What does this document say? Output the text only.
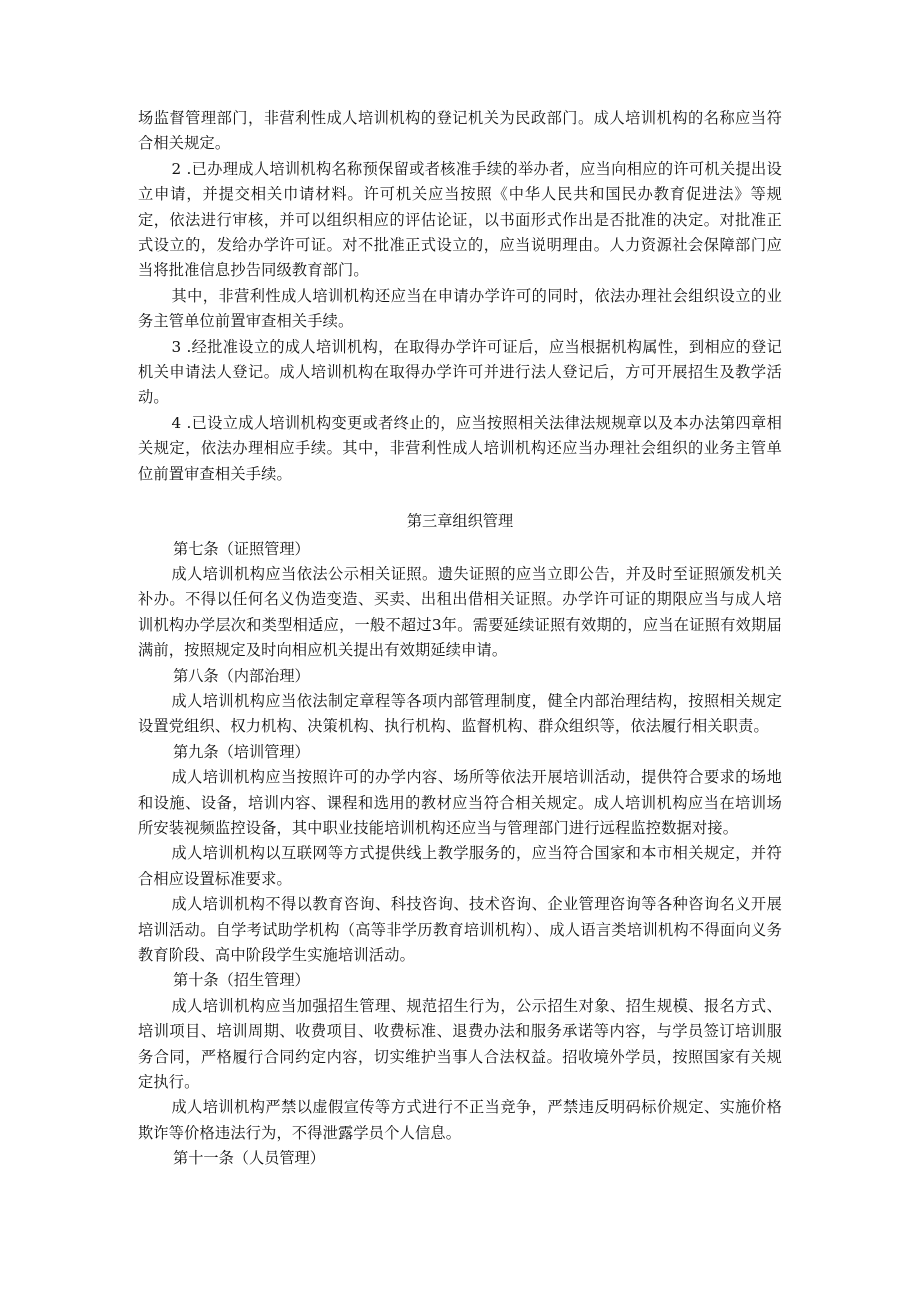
场监督管理部门，非营利性成人培训机构的登记机关为民政部门。成人培训机构的名称应当符合相关规定。

2 .已办理成人培训机构名称预保留或者核准手续的举办者，应当向相应的许可机关提出设立申请，并提交相关巾请材料。许可机关应当按照《中华人民共和国民办教育促进法》等规定，依法进行审核，并可以组织相应的评估论证，以书面形式作出是否批准的决定。对批准正式设立的，发给办学许可证。对不批准正式设立的，应当说明理由。人力资源社会保障部门应当将批准信息抄告同级教育部门。

其中，非营利性成人培训机构还应当在申请办学许可的同时，依法办理社会组织设立的业务主管单位前置审查相关手续。

3 .经批准设立的成人培训机构，在取得办学许可证后，应当根据机构属性，到相应的登记机关申请法人登记。成人培训机构在取得办学许可并进行法人登记后，方可开展招生及教学活动。

4 .已设立成人培训机构变更或者终止的，应当按照相关法律法规规章以及本办法第四章相关规定，依法办理相应手续。其中，非营利性成人培训机构还应当办理社会组织的业务主管单位前置审查相关手续。

第三章组织管理
第七条（证照管理）

成人培训机构应当依法公示相关证照。遗失证照的应当立即公告，并及时至证照颁发机关补办。不得以任何名义伪造变造、买卖、出租出借相关证照。办学许可证的期限应当与成人培训机构办学层次和类型相适应，一般不超过3年。需要延续证照有效期的，应当在证照有效期届满前，按照规定及时向相应机关提出有效期延续申请。

第八条（内部治理）

成人培训机构应当依法制定章程等各项内部管理制度，健全内部治理结构，按照相关规定设置党组织、权力机构、决策机构、执行机构、监督机构、群众组织等，依法履行相关职责。

第九条（培训管理）

成人培训机构应当按照许可的办学内容、场所等依法开展培训活动，提供符合要求的场地和设施、设备，培训内容、课程和选用的教材应当符合相关规定。成人培训机构应当在培训场所安装视频监控设备，其中职业技能培训机构还应当与管理部门进行远程监控数据对接。

成人培训机构以互联网等方式提供线上教学服务的，应当符合国家和本市相关规定，并符合相应设置标准要求。

成人培训机构不得以教育咨询、科技咨询、技术咨询、企业管理咨询等各种咨询名义开展培训活动。自学考试助学机构（高等非学历教育培训机构）、成人语言类培训机构不得面向义务教育阶段、高中阶段学生实施培训活动。

第十条（招生管理）

成人培训机构应当加强招生管理、规范招生行为，公示招生对象、招生规模、报名方式、培训项目、培训周期、收费项目、收费标准、退费办法和服务承诺等内容，与学员签订培训服务合同，严格履行合同约定内容，切实维护当事人合法权益。招收境外学员，按照国家有关规定执行。

成人培训机构严禁以虚假宣传等方式进行不正当竞争，严禁违反明码标价规定、实施价格欺诈等价格违法行为，不得泄露学员个人信息。

第十一条（人员管理）
